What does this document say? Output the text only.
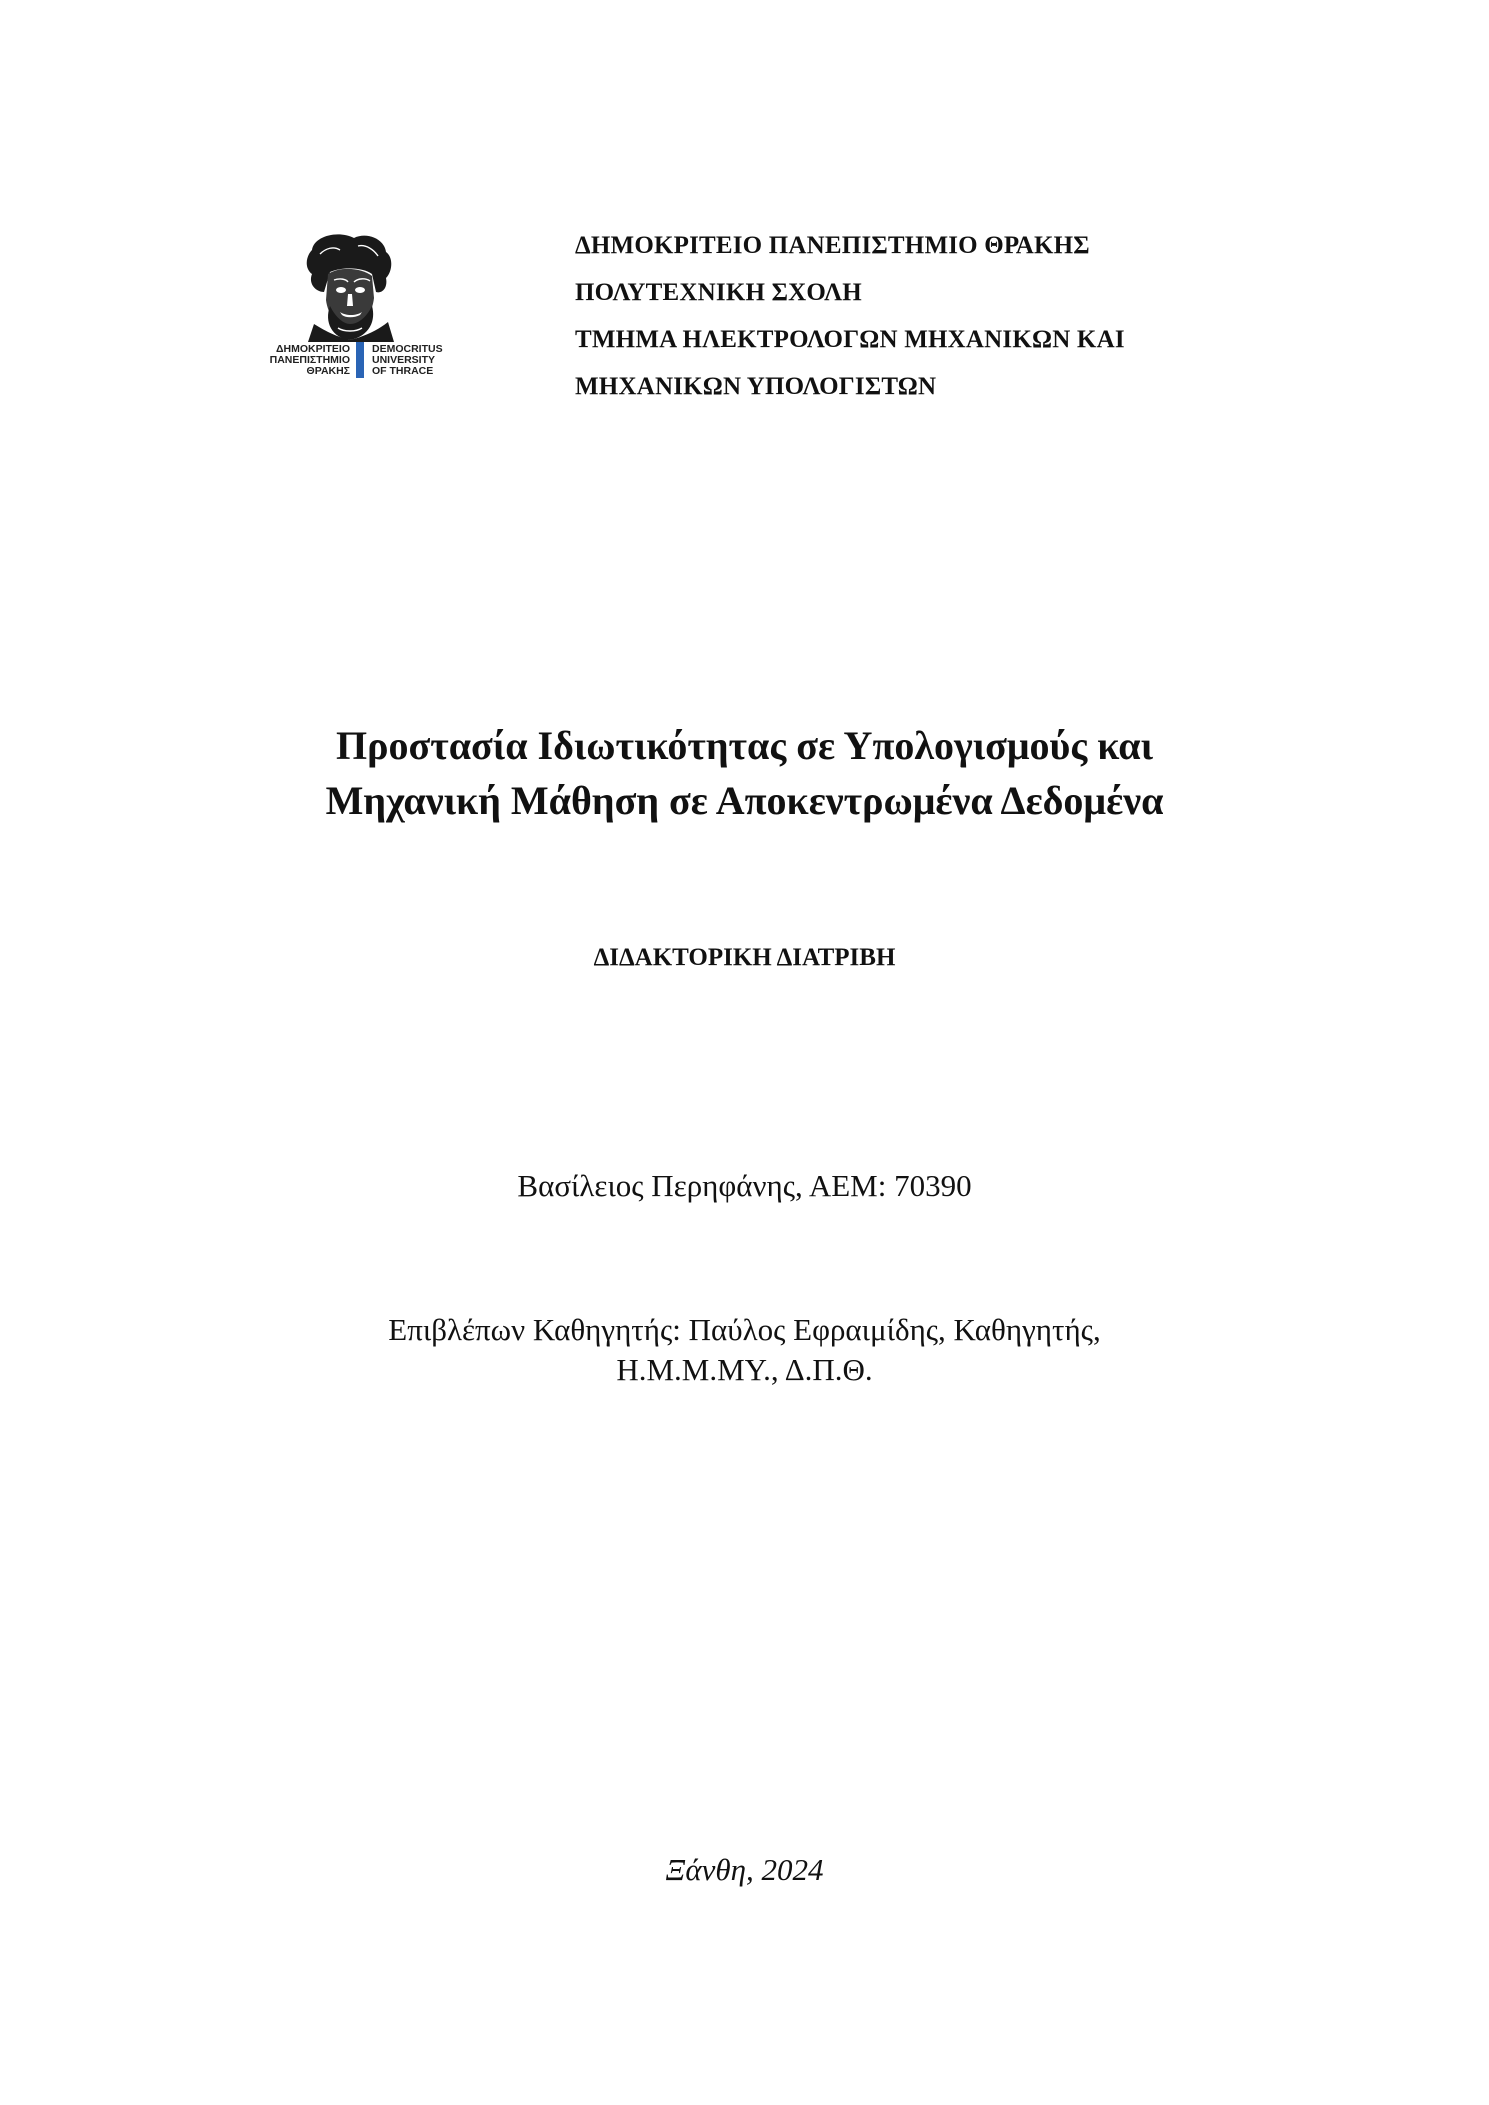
ΔΗΜΟΚΡΙΤΕΙΟ
ΠΑΝΕΠΙΣΤΗΜΙΟ
ΘΡΑΚΗΣ
DEMOCRITUS
UNIVERSITY
OF THRACE
ΔΗΜΟΚΡΙΤΕΙΟ ΠΑΝΕΠΙΣΤΗΜΙΟ ΘΡΑΚΗΣ
ΠΟΛΥΤΕΧΝΙΚΗ ΣΧΟΛΗ
ΤΜΗΜΑ ΗΛΕΚΤΡΟΛΟΓΩΝ ΜΗΧΑΝΙΚΩΝ ΚΑΙ
ΜΗΧΑΝΙΚΩΝ ΥΠΟΛΟΓΙΣΤΩΝ
Προστασία Ιδιωτικότητας σε Υπολογισμούς και
Μηχανική Μάθηση σε Αποκεντρωμένα Δεδομένα
ΔΙΔΑΚΤΟΡΙΚΗ ΔΙΑΤΡΙΒΗ
Βασίλειος Περηφάνης, ΑΕΜ: 70390
Επιβλέπων Καθηγητής: Παύλος Εφραιμίδης, Καθηγητής,
Η.Μ.Μ.ΜΥ., Δ.Π.Θ.
Ξάνθη, 2024
